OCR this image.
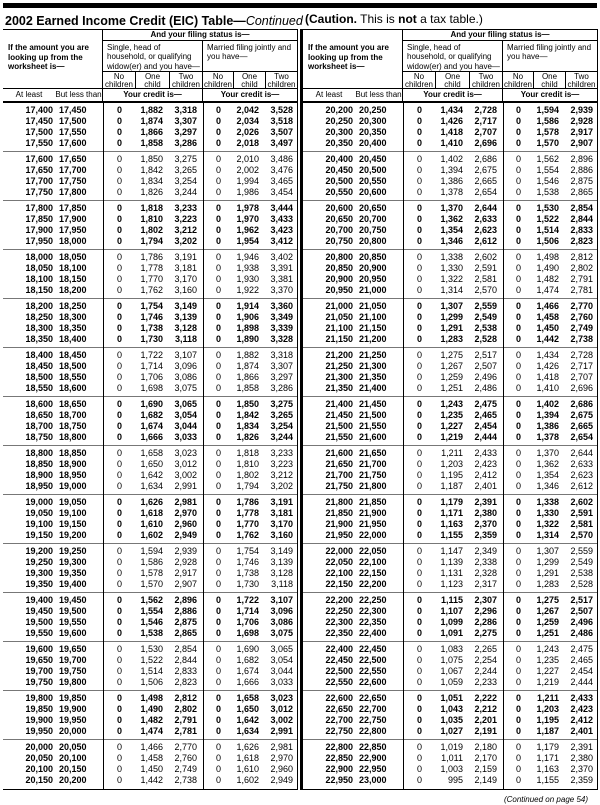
2002 Earned Income Credit (EIC) Table—Continued (Caution. This is not a tax table.)
If the amount you are looking up from the worksheet is—
And your filing status is—
Single, head of household, or qualifying widow(er) and you have—
Married filing jointly and you have—
No children
One child
Two children
No children
One child
Two children
At least	But less than	Your credit is—	Your credit is—
17,400 17,450	0	1,882	3,318	0	2,042	3,528
17,450 17,500	0	1,874	3,307	0	2,034	3,518
17,500 17,550	0	1,866	3,297	0	2,026	3,507
17,550 17,600	0	1,858	3,286	0	2,018	3,497
17,600 17,650	0	1,850	3,275	0	2,010	3,486
17,650 17,700	0	1,842	3,265	0	2,002	3,476
17,700 17,750	0	1,834	3,254	0	1,994	3,465
17,750 17,800	0	1,826	3,244	0	1,986	3,454
17,800 17,850	0	1,818	3,233	0	1,978	3,444
17,850 17,900	0	1,810	3,223	0	1,970	3,433
17,900 17,950	0	1,802	3,212	0	1,962	3,423
17,950 18,000	0	1,794	3,202	0	1,954	3,412
18,000 18,050	0	1,786	3,191	0	1,946	3,402
18,050 18,100	0	1,778	3,181	0	1,938	3,391
18,100 18,150	0	1,770	3,170	0	1,930	3,381
18,150 18,200	0	1,762	3,160	0	1,922	3,370
18,200 18,250	0	1,754	3,149	0	1,914	3,360
18,250 18,300	0	1,746	3,139	0	1,906	3,349
18,300 18,350	0	1,738	3,128	0	1,898	3,339
18,350 18,400	0	1,730	3,118	0	1,890	3,328
18,400 18,450	0	1,722	3,107	0	1,882	3,318
18,450 18,500	0	1,714	3,096	0	1,874	3,307
18,500 18,550	0	1,706	3,086	0	1,866	3,297
18,550 18,600	0	1,698	3,075	0	1,858	3,286
18,600 18,650	0	1,690	3,065	0	1,850	3,275
18,650 18,700	0	1,682	3,054	0	1,842	3,265
18,700 18,750	0	1,674	3,044	0	1,834	3,254
18,750 18,800	0	1,666	3,033	0	1,826	3,244
18,800 18,850	0	1,658	3,023	0	1,818	3,233
18,850 18,900	0	1,650	3,012	0	1,810	3,223
18,900 18,950	0	1,642	3,002	0	1,802	3,212
18,950 19,000	0	1,634	2,991	0	1,794	3,202
19,000 19,050	0	1,626	2,981	0	1,786	3,191
19,050 19,100	0	1,618	2,970	0	1,778	3,181
19,100 19,150	0	1,610	2,960	0	1,770	3,170
19,150 19,200	0	1,602	2,949	0	1,762	3,160
19,200 19,250	0	1,594	2,939	0	1,754	3,149
19,250 19,300	0	1,586	2,928	0	1,746	3,139
19,300 19,350	0	1,578	2,917	0	1,738	3,128
19,350 19,400	0	1,570	2,907	0	1,730	3,118
19,400 19,450	0	1,562	2,896	0	1,722	3,107
19,450 19,500	0	1,554	2,886	0	1,714	3,096
19,500 19,550	0	1,546	2,875	0	1,706	3,086
19,550 19,600	0	1,538	2,865	0	1,698	3,075
19,600 19,650	0	1,530	2,854	0	1,690	3,065
19,650 19,700	0	1,522	2,844	0	1,682	3,054
19,700 19,750	0	1,514	2,833	0	1,674	3,044
19,750 19,800	0	1,506	2,823	0	1,666	3,033
19,800 19,850	0	1,498	2,812	0	1,658	3,023
19,850 19,900	0	1,490	2,802	0	1,650	3,012
19,900 19,950	0	1,482	2,791	0	1,642	3,002
19,950 20,000	0	1,474	2,781	0	1,634	2,991
20,000 20,050	0	1,466	2,770	0	1,626	2,981
20,050 20,100	0	1,458	2,760	0	1,618	2,970
20,100 20,150	0	1,450	2,749	0	1,610	2,960
20,150 20,200	0	1,442	2,738	0	1,602	2,949
If the amount you are looking up from the worksheet is—
And your filing status is—
Single, head of household, or qualifying widow(er) and you have—
Married filing jointly and you have—
No children
One child
Two children
No children
One child
Two children
At least	But less than	Your credit is—	Your credit is—
20,200 20,250	0	1,434	2,728	0	1,594	2,939
20,250 20,300	0	1,426	2,717	0	1,586	2,928
20,300 20,350	0	1,418	2,707	0	1,578	2,917
20,350 20,400	0	1,410	2,696	0	1,570	2,907
20,400 20,450	0	1,402	2,686	0	1,562	2,896
20,450 20,500	0	1,394	2,675	0	1,554	2,886
20,500 20,550	0	1,386	2,665	0	1,546	2,875
20,550 20,600	0	1,378	2,654	0	1,538	2,865
20,600 20,650	0	1,370	2,644	0	1,530	2,854
20,650 20,700	0	1,362	2,633	0	1,522	2,844
20,700 20,750	0	1,354	2,623	0	1,514	2,833
20,750 20,800	0	1,346	2,612	0	1,506	2,823
20,800 20,850	0	1,338	2,602	0	1,498	2,812
20,850 20,900	0	1,330	2,591	0	1,490	2,802
20,900 20,950	0	1,322	2,581	0	1,482	2,791
20,950 21,000	0	1,314	2,570	0	1,474	2,781
21,000 21,050	0	1,307	2,559	0	1,466	2,770
21,050 21,100	0	1,299	2,549	0	1,458	2,760
21,100 21,150	0	1,291	2,538	0	1,450	2,749
21,150 21,200	0	1,283	2,528	0	1,442	2,738
21,200 21,250	0	1,275	2,517	0	1,434	2,728
21,250 21,300	0	1,267	2,507	0	1,426	2,717
21,300 21,350	0	1,259	2,496	0	1,418	2,707
21,350 21,400	0	1,251	2,486	0	1,410	2,696
21,400 21,450	0	1,243	2,475	0	1,402	2,686
21,450 21,500	0	1,235	2,465	0	1,394	2,675
21,500 21,550	0	1,227	2,454	0	1,386	2,665
21,550 21,600	0	1,219	2,444	0	1,378	2,654
21,600 21,650	0	1,211	2,433	0	1,370	2,644
21,650 21,700	0	1,203	2,423	0	1,362	2,633
21,700 21,750	0	1,195	2,412	0	1,354	2,623
21,750 21,800	0	1,187	2,401	0	1,346	2,612
21,800 21,850	0	1,179	2,391	0	1,338	2,602
21,850 21,900	0	1,171	2,380	0	1,330	2,591
21,900 21,950	0	1,163	2,370	0	1,322	2,581
21,950 22,000	0	1,155	2,359	0	1,314	2,570
22,000 22,050	0	1,147	2,349	0	1,307	2,559
22,050 22,100	0	1,139	2,338	0	1,299	2,549
22,100 22,150	0	1,131	2,328	0	1,291	2,538
22,150 22,200	0	1,123	2,317	0	1,283	2,528
22,200 22,250	0	1,115	2,307	0	1,275	2,517
22,250 22,300	0	1,107	2,296	0	1,267	2,507
22,300 22,350	0	1,099	2,286	0	1,259	2,496
22,350 22,400	0	1,091	2,275	0	1,251	2,486
22,400 22,450	0	1,083	2,265	0	1,243	2,475
22,450 22,500	0	1,075	2,254	0	1,235	2,465
22,500 22,550	0	1,067	2,244	0	1,227	2,454
22,550 22,600	0	1,059	2,233	0	1,219	2,444
22,600 22,650	0	1,051	2,222	0	1,211	2,433
22,650 22,700	0	1,043	2,212	0	1,203	2,423
22,700 22,750	0	1,035	2,201	0	1,195	2,412
22,750 22,800	0	1,027	2,191	0	1,187	2,401
22,800 22,850	0	1,019	2,180	0	1,179	2,391
22,850 22,900	0	1,011	2,170	0	1,171	2,380
22,900 22,950	0	1,003	2,159	0	1,163	2,370
22,950 23,000	0	995	2,149	0	1,155	2,359
(Continued on page 54)
